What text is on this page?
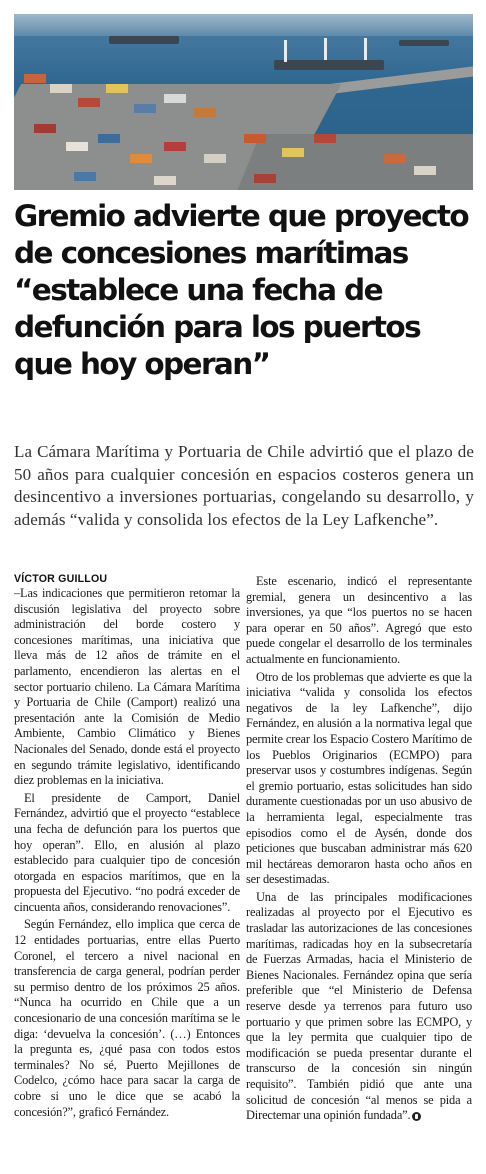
Gremio advierte que proyecto de concesiones marítimas “establece una fecha de defunción para los puertos que hoy operan”

La Cámara Marítima y Portuaria de Chile advirtió que el plazo de 50 años para cualquier concesión en espacios costeros genera un desincentivo a inversiones portuarias, congelando su desarrollo, y además “valida y consolida los efectos de la Ley Lafkenche”.

VÍCTOR GUILLOU

–Las indicaciones que permitieron retomar la discusión legislativa del proyecto sobre administración del borde costero y concesiones marítimas, una iniciativa que lleva más de 12 años de trámite en el parlamento, encendieron las alertas en el sector portuario chileno. La Cámara Marítima y Portuaria de Chile (Camport) realizó una presentación ante la Comisión de Medio Ambiente, Cambio Climático y Bienes Nacionales del Senado, donde está el proyecto en segundo trámite legislativo, identificando diez problemas en la iniciativa.

El presidente de Camport, Daniel Fernández, advirtió que el proyecto “establece una fecha de defunción para los puertos que hoy operan”. Ello, en alusión al plazo establecido para cualquier tipo de concesión otorgada en espacios marítimos, que en la propuesta del Ejecutivo. “no podrá exceder de cincuenta años, considerando renovaciones”.

Según Fernández, ello implica que cerca de 12 entidades portuarias, entre ellas Puerto Coronel, el tercero a nivel nacional en transferencia de carga general, podrían perder su permiso dentro de los próximos 25 años. “Nunca ha ocurrido en Chile que a un concesionario de una concesión marítima se le diga: ‘devuelva la concesión’. (…) Entonces la pregunta es, ¿qué pasa con todos estos terminales? No sé, Puerto Mejillones de Codelco, ¿cómo hace para sacar la carga de cobre si uno le dice que se acabó la concesión?”, graficó Fernández.

Este escenario, indicó el representante gremial, genera un desincentivo a las inversiones, ya que “los puertos no se hacen para operar en 50 años”. Agregó que esto puede congelar el desarrollo de los terminales actualmente en funcionamiento.

Otro de los problemas que advierte es que la iniciativa “valida y consolida los efectos negativos de la ley Lafkenche”, dijo Fernández, en alusión a la normativa legal que permite crear los Espacio Costero Marítimo de los Pueblos Originarios (ECMPO) para preservar usos y costumbres indígenas. Según el gremio portuario, estas solicitudes han sido duramente cuestionadas por un uso abusivo de la herramienta legal, especialmente tras episodios como el de Aysén, donde dos peticiones que buscaban administrar más 620 mil hectáreas demoraron hasta ocho años en ser desestimadas.

Una de las principales modificaciones realizadas al proyecto por el Ejecutivo es trasladar las autorizaciones de las concesiones marítimas, radicadas hoy en la subsecretaría de Fuerzas Armadas, hacia el Ministerio de Bienes Nacionales. Fernández opina que sería preferible que “el Ministerio de Defensa reserve desde ya terrenos para futuro uso portuario y que primen sobre las ECMPO, y que la ley permita que cualquier tipo de modificación se pueda presentar durante el transcurso de la concesión sin ningún requisito”. También pidió que ante una solicitud de concesión “al menos se pida a Directemar una opinión fundada”.
